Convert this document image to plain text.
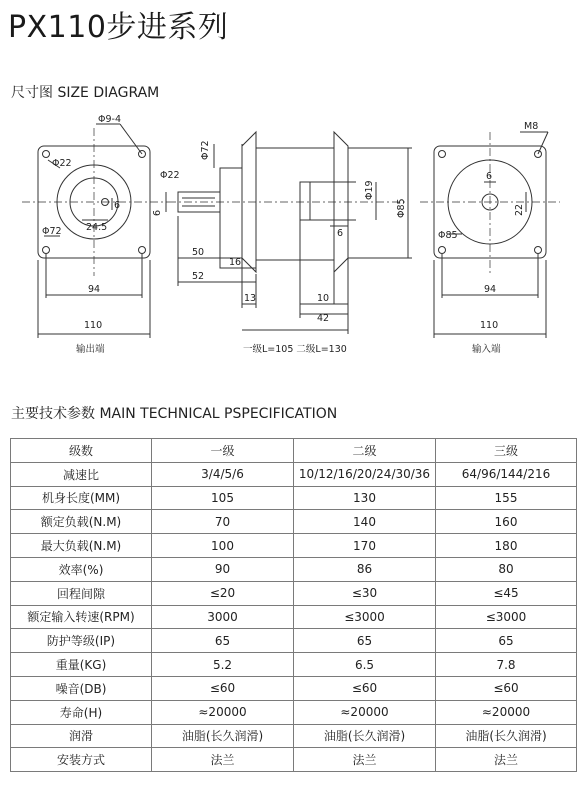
PX110步进系列
尺寸图 SIZE DIAGRAM
Φ9-4
Φ22
Φ72	24.5
6
94
110
输出端
Φ72
Φ22
6
50
52
16
13
Φ19
Φ85
6
10
42
一级L=105 二级L=130
M8
6
22
Φ85
94
110
输入端
主要技术参数 MAIN TECHNICAL PSPECIFICATION
级数	一级	二级	三级
减速比	3/4/5/6	10/12/16/20/24/30/36	64/96/144/216
机身长度(MM)	105	130	155
额定负载(N.M)	70	140	160
最大负载(N.M)	100	170	180
效率(%)	90	86	80
回程间隙	≤20	≤30	≤45
额定输入转速(RPM)	3000	≤3000	≤3000
防护等级(IP)	65	65	65
重量(KG)	5.2	6.5	7.8
噪音(DB)	≤60	≤60	≤60
寿命(H)	≈20000	≈20000	≈20000
润滑	油脂(长久润滑)	油脂(长久润滑)	油脂(长久润滑)
安装方式	法兰	法兰	法兰
